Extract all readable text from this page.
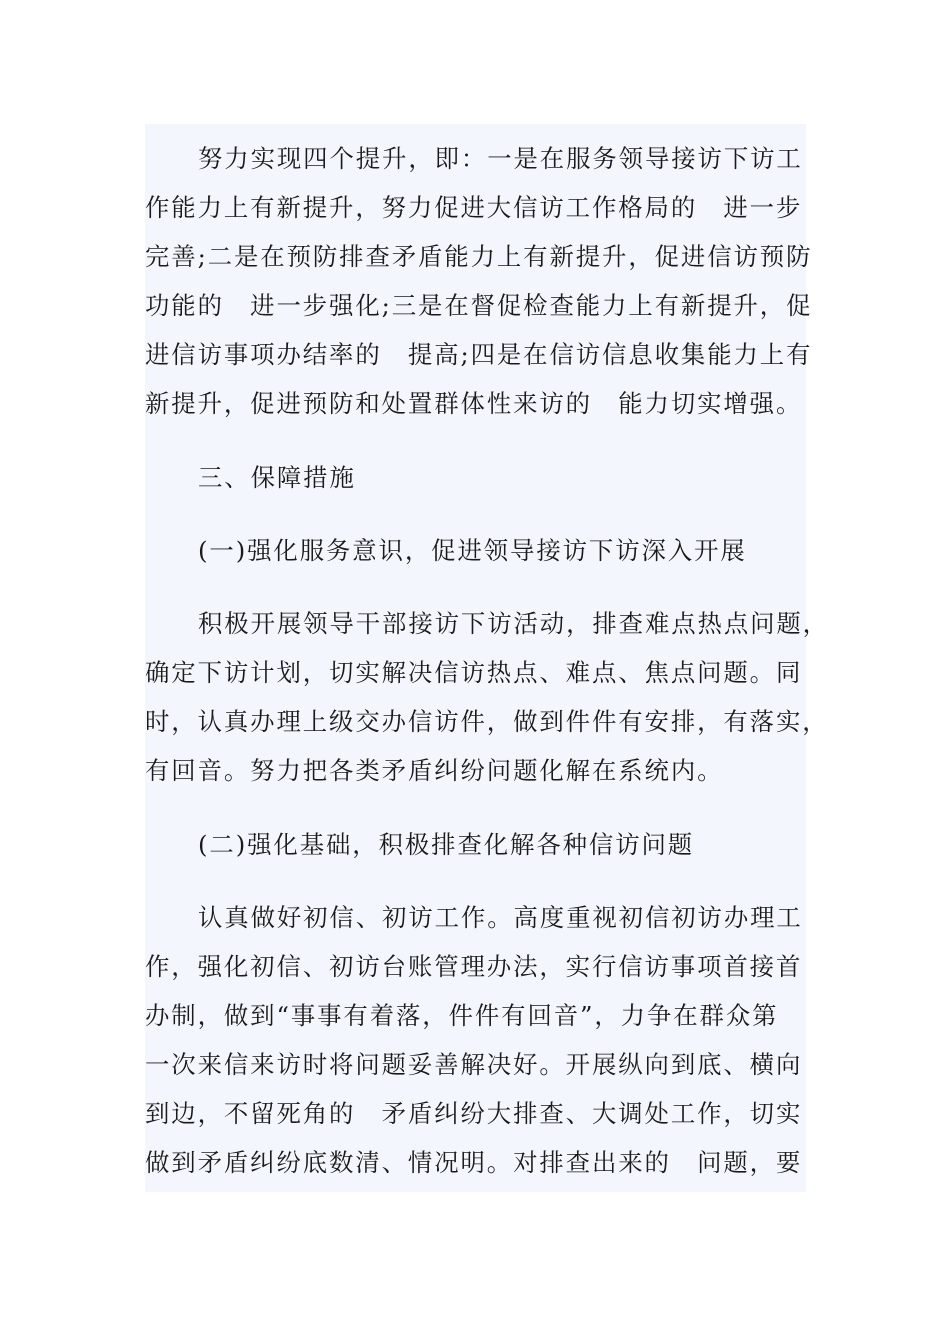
努力实现四个提升，即：一是在服务领导接访下访工

作能力上有新提升，努力促进大信访工作格局的　进一步

完善;二是在预防排查矛盾能力上有新提升，促进信访预防

功能的　进一步强化;三是在督促检查能力上有新提升，促

进信访事项办结率的　提高;四是在信访信息收集能力上有

新提升，促进预防和处置群体性来访的　能力切实增强。

三、保障措施

(一)强化服务意识，促进领导接访下访深入开展

积极开展领导干部接访下访活动，排查难点热点问题，

确定下访计划，切实解决信访热点、难点、焦点问题。同

时，认真办理上级交办信访件，做到件件有安排，有落实，

有回音。努力把各类矛盾纠纷问题化解在系统内。

(二)强化基础，积极排查化解各种信访问题

认真做好初信、初访工作。高度重视初信初访办理工

作，强化初信、初访台账管理办法，实行信访事项首接首

办制，做到“事事有着落，件件有回音”，力争在群众第

一次来信来访时将问题妥善解决好。开展纵向到底、横向

到边，不留死角的　矛盾纠纷大排查、大调处工作，切实

做到矛盾纠纷底数清、情况明。对排查出来的　问题，要
